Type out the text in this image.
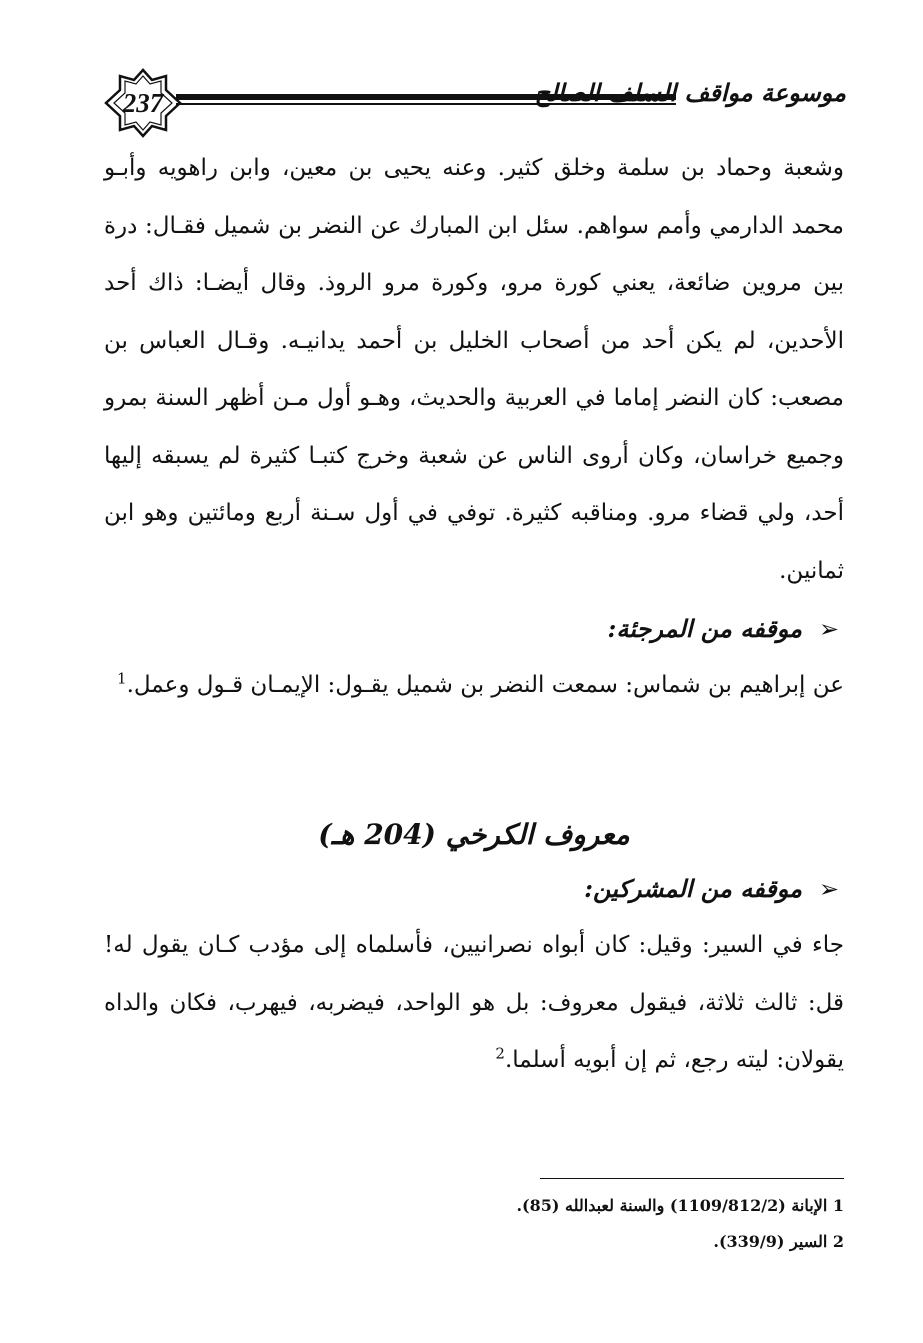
237	موسوعة مواقف السلف الصالح

وشعبة وحماد بن سلمة وخلق كثير. وعنه يحيى بن معين، وابن راهويه وأبـو محمد الدارمي وأمم سواهم. سئل ابن المبارك عن النضر بن شميل فقـال: درة بين مروين ضائعة، يعني كورة مرو، وكورة مرو الروذ. وقال أيضـا: ذاك أحد الأحدين، لم يكن أحد من أصحاب الخليل بن أحمد يدانيـه. وقـال العباس بن مصعب: كان النضر إماما في العربية والحديث، وهـو أول مـن أظهر السنة بمرو وجميع خراسان، وكان أروى الناس عن شعبة وخرج كتبـا كثيرة لم يسبقه إليها أحد، ولي قضاء مرو. ومناقبه كثيرة. توفي في أول سـنة أربع ومائتين وهو ابن ثمانين.

➢موقفه من المرجئة:

عن إبراهيم بن شماس: سمعت النضر بن شميل يقـول: الإيمـان قـول وعمل.$^1$

معروف الكرخي (204 هـ)
➢موقفه من المشركين:

جاء في السير: وقيل: كان أبواه نصرانيين، فأسلماه إلى مؤدب كـان يقول له! قل: ثالث ثلاثة، فيقول معروف: بل هو الواحد، فيضربه، فيهرب، فكان والداه يقولان: ليته رجع، ثم إن أبويه أسلما.$^2$

1 الإبانة (1109/812/2) والسنة لعبدالله (85).

2 السير (339/9).
